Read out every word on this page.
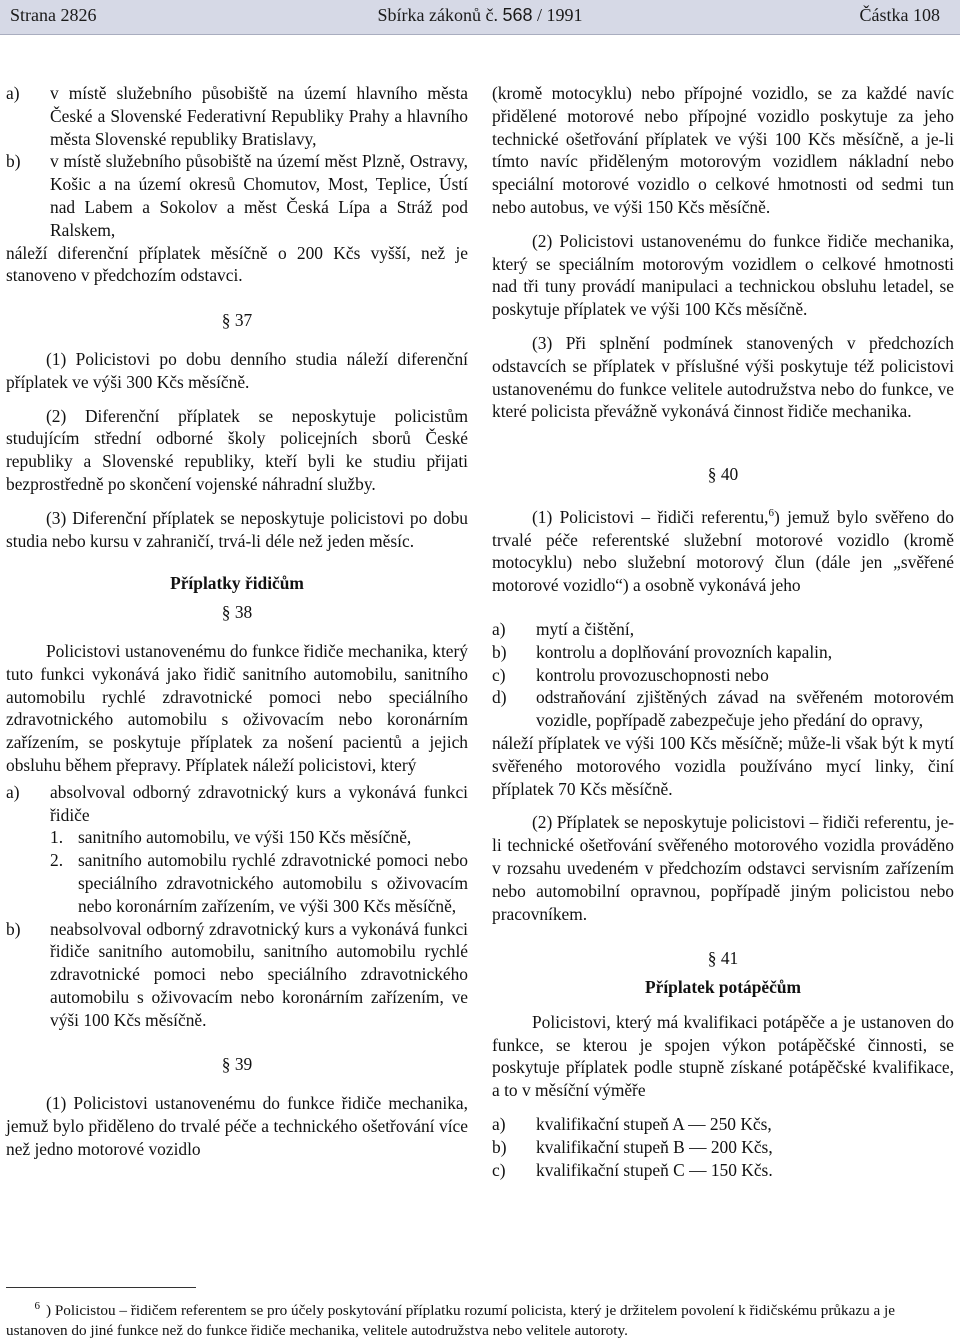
Strana 2826	Sbírka zákonů č. 568 / 1991	Částka 108
a)	v místě služebního působiště na území hlavního města České a Slovenské Federativní Republiky Prahy a hlavního města Slovenské republiky Bratislavy,
b)	v místě služebního působiště na území měst Plzně, Ostravy, Košic a na území okresů Chomutov, Most, Teplice, Ústí nad Labem a Sokolov a měst Česká Lípa a Stráž pod Ralskem,

náleží diferenční příplatek měsíčně o 200 Kčs vyšší, než je stanoveno v předchozím odstavci.

§ 37

(1) Policistovi po dobu denního studia náleží diferenční příplatek ve výši 300 Kčs měsíčně.

(2) Diferenční příplatek se neposkytuje policistům studujícím střední odborné školy policejních sborů České republiky a Slovenské republiky, kteří byli ke studiu přijati bezprostředně po skončení vojenské náhradní služby.

(3) Diferenční příplatek se neposkytuje policistovi po dobu studia nebo kursu v zahraničí, trvá-li déle než jeden měsíc.

Příplatky řidičům
§ 38

Policistovi ustanovenému do funkce řidiče mechanika, který tuto funkci vykonává jako řidič sanitního automobilu, sanitního automobilu rychlé zdravotnické pomoci nebo speciálního zdravotnického automobilu s oživovacím nebo koronárním zařízením, se poskytuje příplatek za nošení pacientů a jejich obsluhu během přepravy. Příplatek náleží policistovi, který

a)	absolvoval odborný zdravotnický kurs a vykonává funkci řidiče
1. sanitního automobilu, ve výši 150 Kčs měsíčně,
2. sanitního automobilu rychlé zdravotnické pomoci nebo speciálního zdravotnického automobilu s oživovacím nebo koronárním zařízením, ve výši 300 Kčs měsíčně,
b)	neabsolvoval odborný zdravotnický kurs a vykonává funkci řidiče sanitního automobilu, sanitního automobilu rychlé zdravotnické pomoci nebo speciálního zdravotnického automobilu s oživovacím nebo koronárním zařízením, ve výši 100 Kčs měsíčně.
§ 39

(1) Policistovi ustanovenému do funkce řidiče mechanika, jemuž bylo přiděleno do trvalé péče a technického ošetřování více než jedno motorové vozidlo

(kromě motocyklu) nebo přípojné vozidlo, se za každé navíc přidělené motorové nebo přípojné vozidlo poskytuje za jeho technické ošetřování příplatek ve výši 100 Kčs měsíčně, a je-li tímto navíc přiděleným motorovým vozidlem nákladní nebo speciální motorové vozidlo o celkové hmotnosti od sedmi tun nebo autobus, ve výši 150 Kčs měsíčně.

(2) Policistovi ustanovenému do funkce řidiče mechanika, který se speciálním motorovým vozidlem o celkové hmotnosti nad tři tuny provádí manipulaci a technickou obsluhu letadel, se poskytuje příplatek ve výši 100 Kčs měsíčně.

(3) Při splnění podmínek stanovených v předchozích odstavcích se příplatek v příslušné výši poskytuje též policistovi ustanovenému do funkce velitele autodružstva nebo do funkce, ve které policista převážně vykonává činnost řidiče mechanika.

§ 40

(1) Policistovi – řidiči referentu,$^6$) jemuž bylo svěřeno do trvalé péče referentské služební motorové vozidlo (kromě motocyklu) nebo služební motorový člun (dále jen „svěřené motorové vozidlo“) a osobně vykonává jeho

a)	mytí a čištění,
b)	kontrolu a doplňování provozních kapalin,
c)	kontrolu provozuschopnosti nebo
d)	odstraňování zjištěných závad na svěřeném motorovém vozidle, popřípadě zabezpečuje jeho předání do opravy,

náleží příplatek ve výši 100 Kčs měsíčně; může-li však být k mytí svěřeného motorového vozidla používáno mycí linky, činí příplatek 70 Kčs měsíčně.

(2) Příplatek se neposkytuje policistovi – řidiči referentu, je-li technické ošetřování svěřeného motorového vozidla prováděno v rozsahu uvedeném v předchozím odstavci servisním zařízením nebo automobilní opravnou, popřípadě jiným policistou nebo pracovníkem.

§ 41
Příplatek potápěčům

Policistovi, který má kvalifikaci potápěče a je ustanoven do funkce, se kterou je spojen výkon potápěčské činnosti, se poskytuje příplatek podle stupně získané potápěčské kvalifikace, a to v měsíční výměře

a)	kvalifikační stupeň A — 250 Kčs,
b)	kvalifikační stupeň B — 200 Kčs,
c)	kvalifikační stupeň C — 150 Kčs.
$^6$ ) Policistou – řidičem referentem se pro účely poskytování příplatku rozumí policista, který je držitelem povolení k řidičskému průkazu a je ustanoven do jiné funkce než do funkce řidiče mechanika, velitele autodružstva nebo velitele autoroty.
